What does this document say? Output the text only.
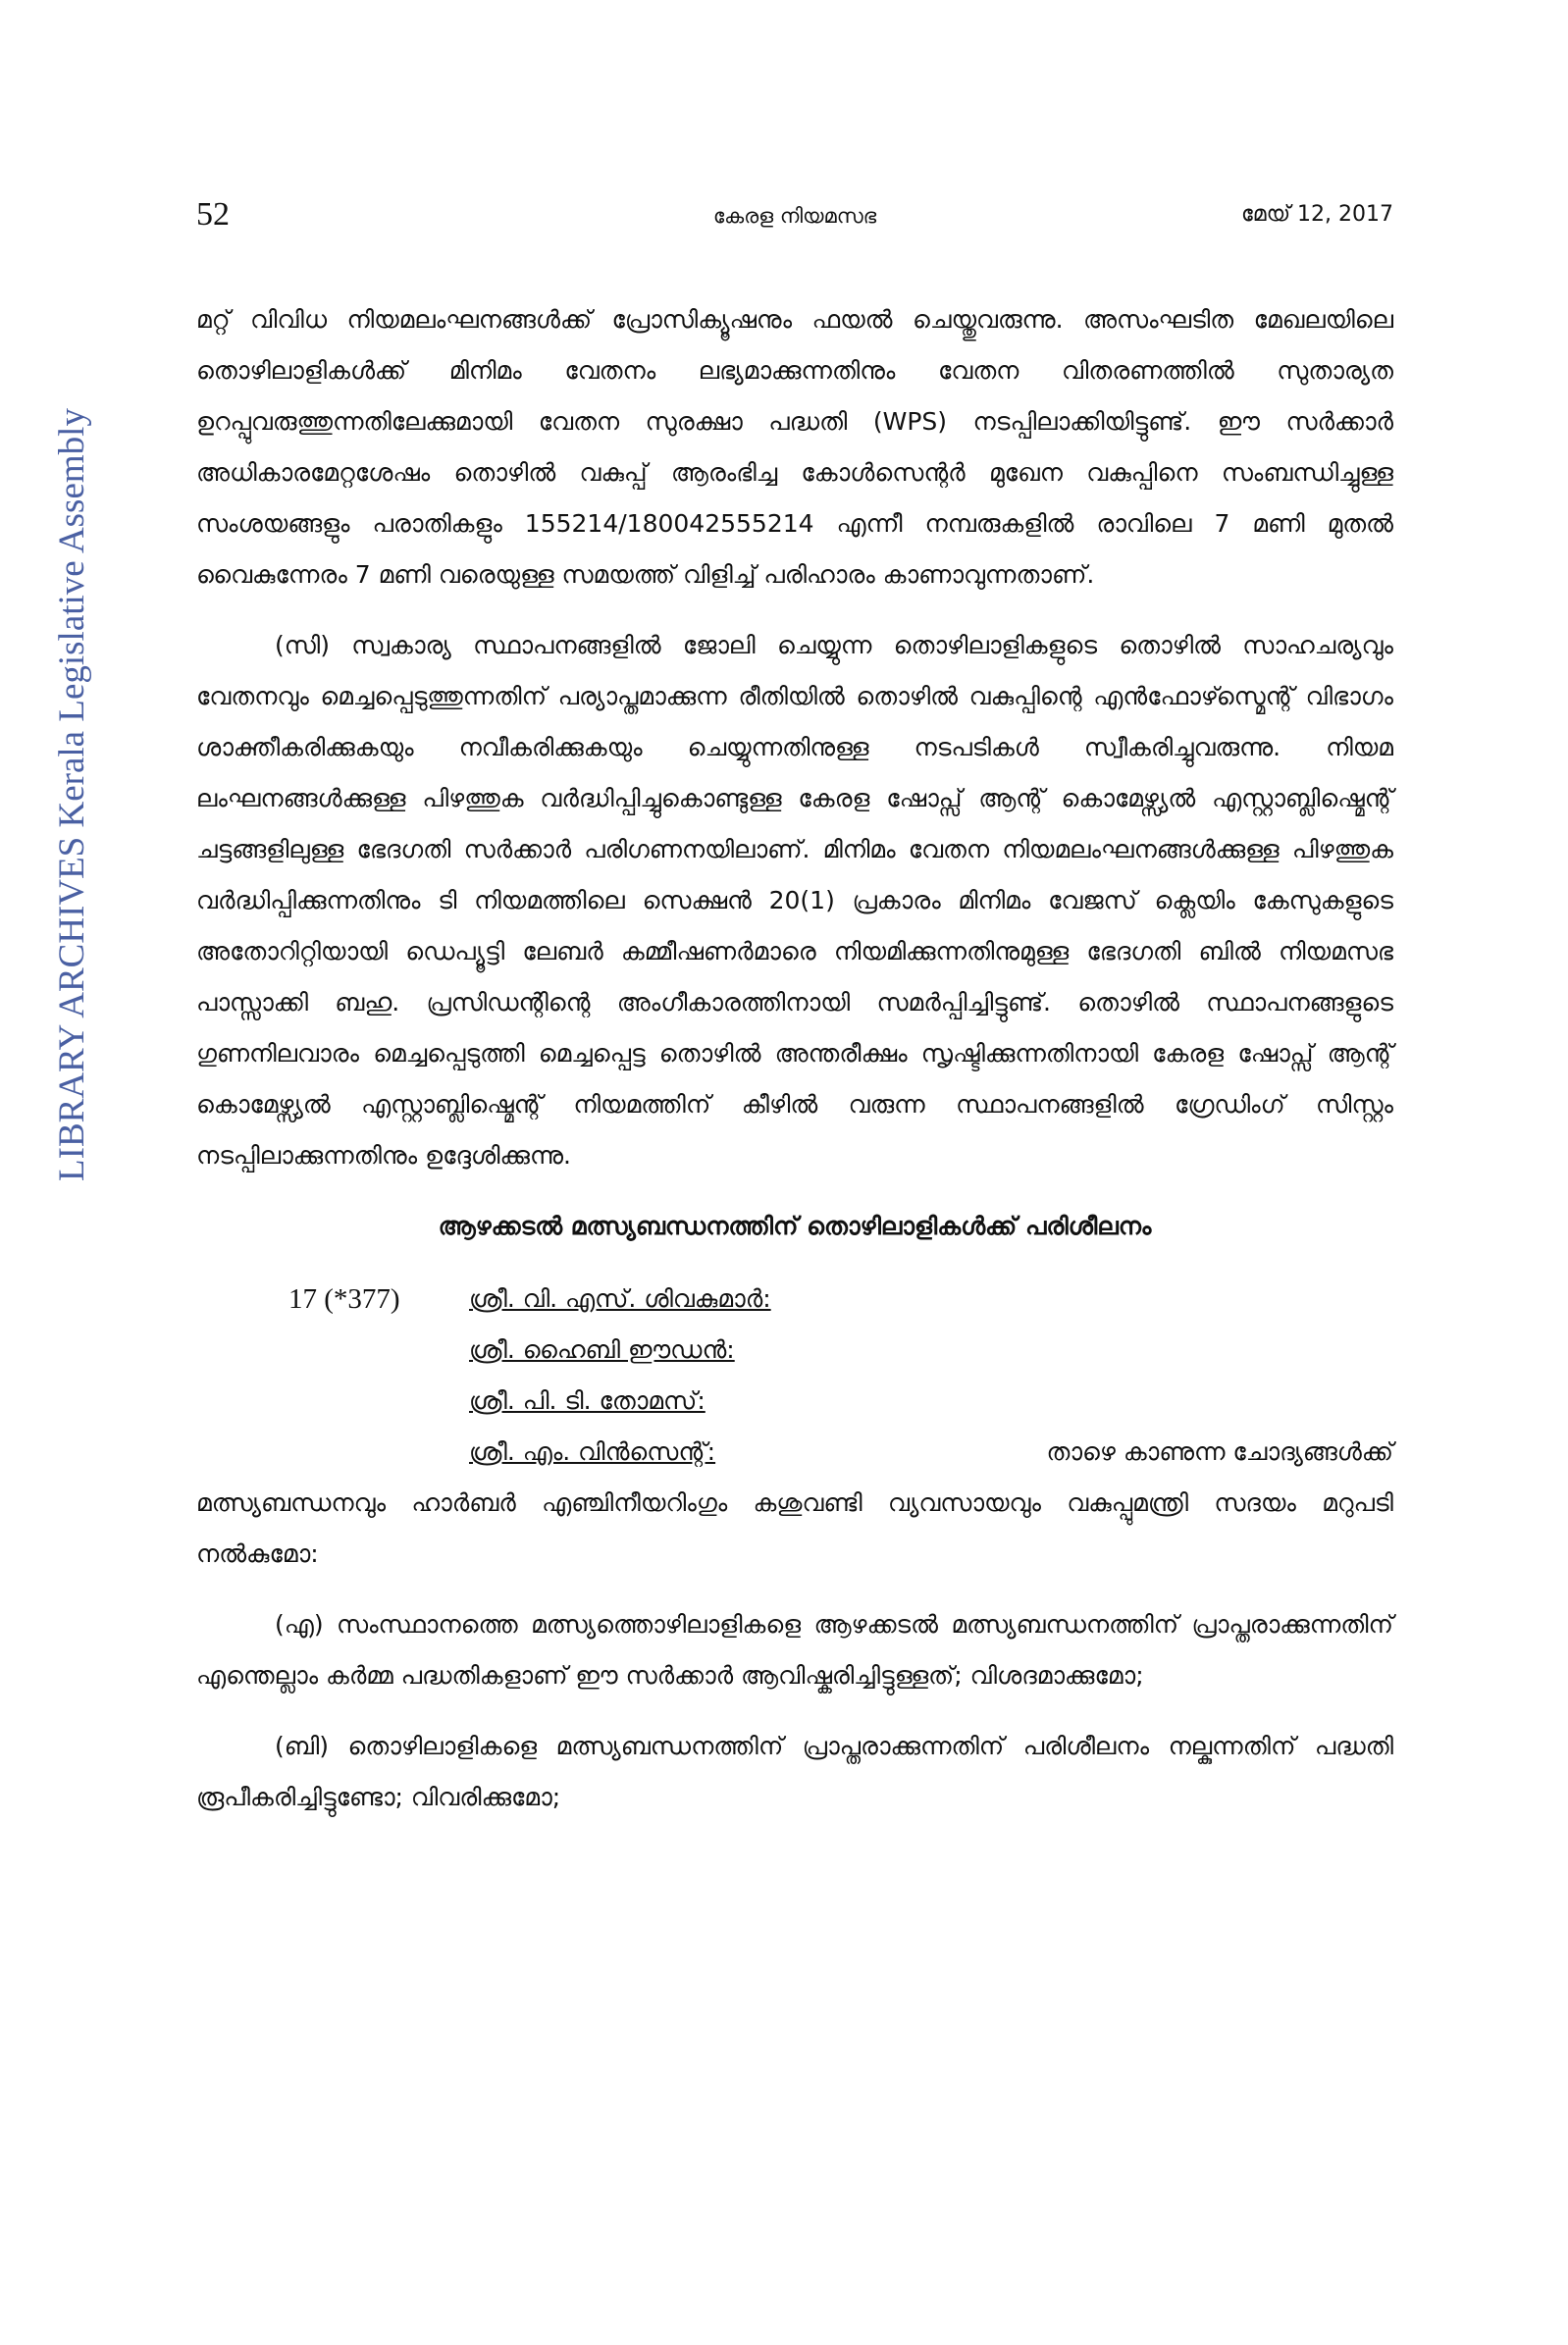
52	കേരള നിയമസഭ	മേയ് 12, 2017
LIBRARY ARCHIVES Kerala Legislative Assembly

മറ്റ് വിവിധ നിയമലംഘനങ്ങൾക്ക് പ്രോസിക്യൂഷനും ഫയൽ ചെയ്തുവരുന്നു. അസംഘടിത മേഖലയിലെ തൊഴിലാളികൾക്ക് മിനിമം വേതനം ലഭ്യമാക്കുന്നതിനും വേതന വിതരണത്തിൽ സുതാര്യത ഉറപ്പുവരുത്തുന്നതിലേക്കുമായി വേതന സുരക്ഷാ പദ്ധതി (WPS) നടപ്പിലാക്കിയിട്ടുണ്ട്. ഈ സർക്കാർ അധികാരമേറ്റശേഷം തൊഴിൽ വകുപ്പ് ആരംഭിച്ച കോൾസെന്റർ മുഖേന വകുപ്പിനെ സംബന്ധിച്ചുള്ള സംശയങ്ങളും പരാതികളും 155214/180042555214 എന്നീ നമ്പരുകളിൽ രാവിലെ 7 മണി മുതൽ വൈകുന്നേരം 7 മണി വരെയുള്ള സമയത്ത് വിളിച്ച് പരിഹാരം കാണാവുന്നതാണ്.

(സി) സ്വകാര്യ സ്ഥാപനങ്ങളിൽ ജോലി ചെയ്യുന്ന തൊഴിലാളികളുടെ തൊഴിൽ സാഹചര്യവും വേതനവും മെച്ചപ്പെടുത്തുന്നതിന് പര്യാപ്തമാക്കുന്ന രീതിയിൽ തൊഴിൽ വകുപ്പിന്റെ എൻഫോഴ്സ്മെന്റ് വിഭാഗം ശാക്തീകരിക്കുകയും നവീകരിക്കുകയും ചെയ്യുന്നതിനുള്ള നടപടികൾ സ്വീകരിച്ചുവരുന്നു. നിയമ ലംഘനങ്ങൾക്കുള്ള പിഴത്തുക വർദ്ധിപ്പിച്ചുകൊണ്ടുള്ള കേരള ഷോപ്സ് ആന്റ് കൊമേഴ്സ്യൽ എസ്റ്റാബ്ലിഷ്മെന്റ് ചട്ടങ്ങളിലുള്ള ഭേദഗതി സർക്കാർ പരിഗണനയിലാണ്. മിനിമം വേതന നിയമലംഘനങ്ങൾക്കുള്ള പിഴത്തുക വർദ്ധിപ്പിക്കുന്നതിനും ടി നിയമത്തിലെ സെക്ഷൻ 20(1) പ്രകാരം മിനിമം വേജസ് ക്ലെയിം കേസുകളുടെ അതോറിറ്റിയായി ഡെപ്യൂട്ടി ലേബർ കമ്മീഷണർമാരെ നിയമിക്കുന്നതിനുമുള്ള ഭേദഗതി ബിൽ നിയമസഭ പാസ്സാക്കി ബഹു. പ്രസിഡന്റിന്റെ അംഗീകാരത്തിനായി സമർപ്പിച്ചിട്ടുണ്ട്. തൊഴിൽ സ്ഥാപനങ്ങളുടെ ഗുണനിലവാരം മെച്ചപ്പെടുത്തി മെച്ചപ്പെട്ട തൊഴിൽ അന്തരീക്ഷം സൃഷ്ടിക്കുന്നതിനായി കേരള ഷോപ്സ് ആന്റ് കൊമേഴ്സ്യൽ എസ്റ്റാബ്ലിഷ്മെന്റ് നിയമത്തിന് കീഴിൽ വരുന്ന സ്ഥാപനങ്ങളിൽ ഗ്രേഡിംഗ് സിസ്റ്റം നടപ്പിലാക്കുന്നതിനും ഉദ്ദേശിക്കുന്നു.

ആഴക്കടൽ മത്സ്യബന്ധനത്തിന് തൊഴിലാളികൾക്ക് പരിശീലനം
17 (*377)	ശ്രീ. വി. എസ്. ശിവകുമാർ:
ശ്രീ. ഹൈബി ഈഡൻ:
ശ്രീ. പി. ടി. തോമസ്:
ശ്രീ. എം. വിൻസെന്റ്:	താഴെ കാണുന്ന ചോദ്യങ്ങൾക്ക്

മത്സ്യബന്ധനവും ഹാർബർ എഞ്ചിനീയറിംഗും കശുവണ്ടി വ്യവസായവും വകുപ്പുമന്ത്രി സദയം മറുപടി നൽകുമോ:

(എ) സംസ്ഥാനത്തെ മത്സ്യത്തൊഴിലാളികളെ ആഴക്കടൽ മത്സ്യബന്ധനത്തിന് പ്രാപ്തരാക്കുന്നതിന് എന്തെല്ലാം കർമ്മ പദ്ധതികളാണ് ഈ സർക്കാർ ആവിഷ്കരിച്ചിട്ടുള്ളത്; വിശദമാക്കുമോ;

(ബി) തൊഴിലാളികളെ മത്സ്യബന്ധനത്തിന് പ്രാപ്തരാക്കുന്നതിന് പരിശീലനം നല്കുന്നതിന് പദ്ധതി രൂപീകരിച്ചിട്ടുണ്ടോ; വിവരിക്കുമോ;
